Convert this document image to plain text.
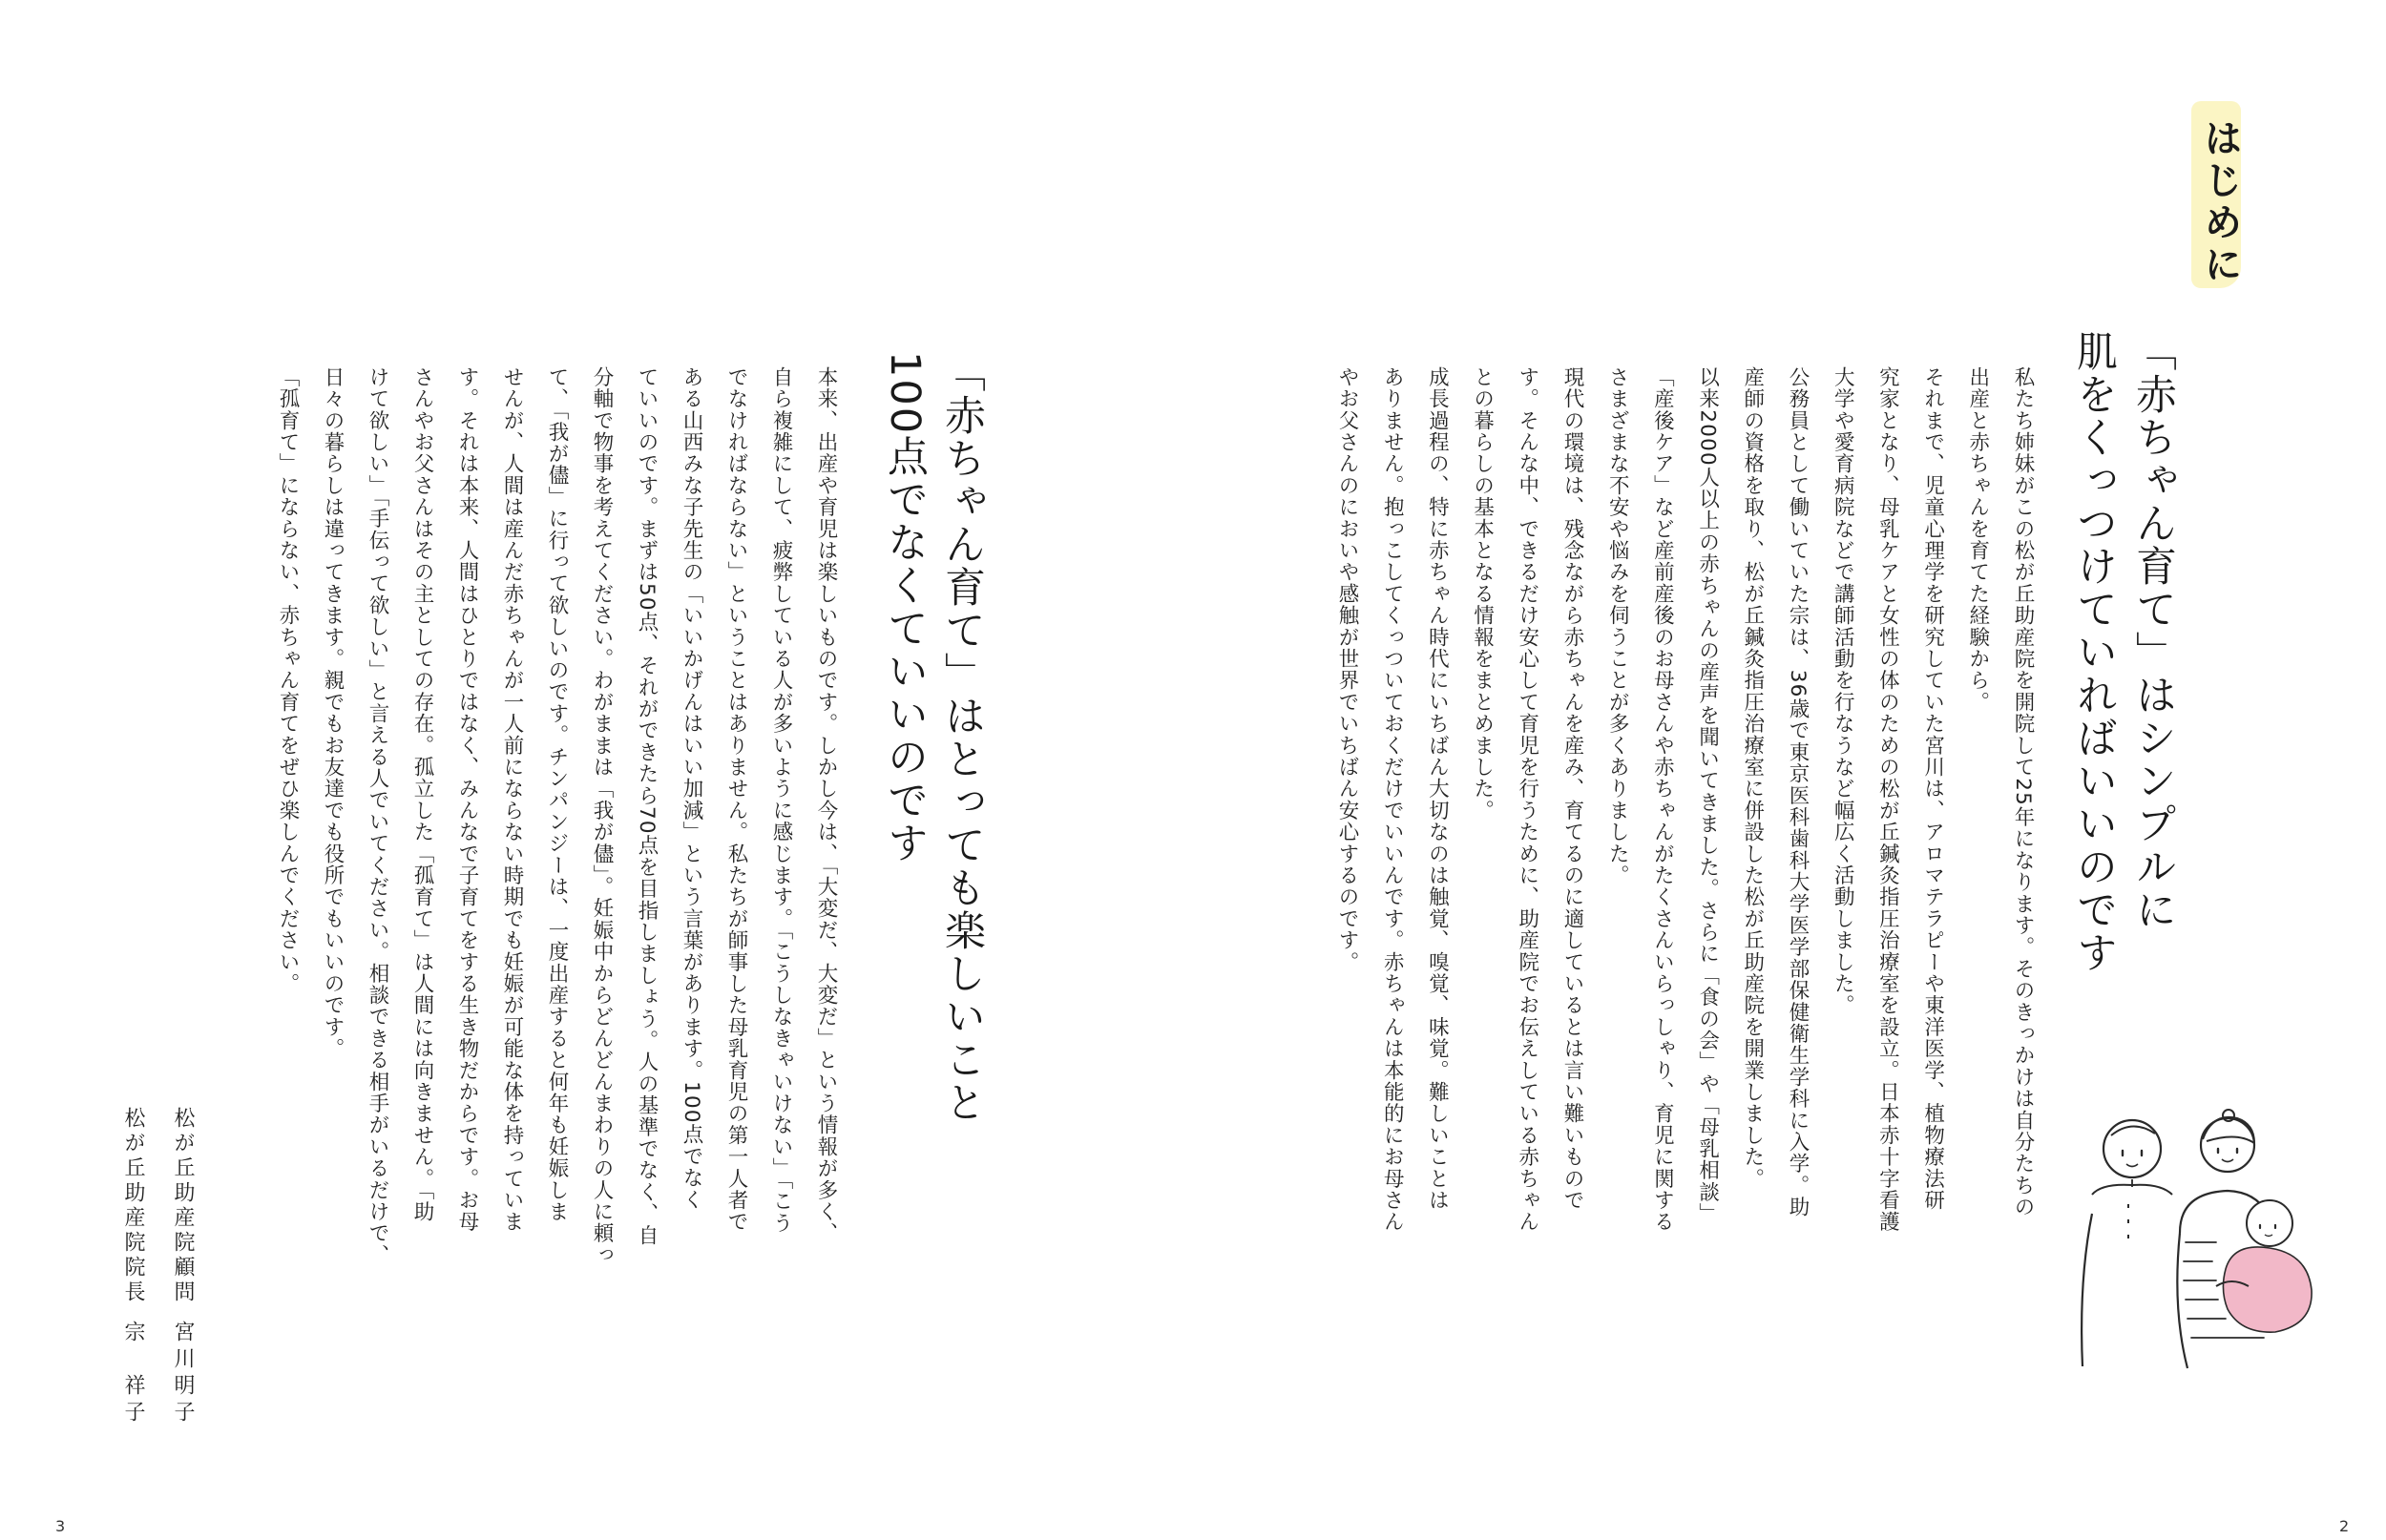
はじめに
「赤ちゃん育て」はシンプルに
肌をくっつけていればいいのです
私たち姉妹がこの松が丘助産院を開院して25年になります。そのきっかけは自分たちの
出産と赤ちゃんを育てた経験から。
それまで、児童心理学を研究していた宮川は、アロマテラピーや東洋医学、植物療法研
究家となり、母乳ケアと女性の体のための松が丘鍼灸指圧治療室を設立。日本赤十字看護
大学や愛育病院などで講師活動を行なうなど幅広く活動しました。
公務員として働いていた宗は、36歳で東京医科歯科大学医学部保健衛生学科に入学。助
産師の資格を取り、松が丘鍼灸指圧治療室に併設した松が丘助産院を開業しました。
以来2000人以上の赤ちゃんの産声を聞いてきました。さらに「食の会」や「母乳相談」
「産後ケア」など産前産後のお母さんや赤ちゃんがたくさんいらっしゃり、育児に関する
さまざまな不安や悩みを伺うことが多くありました。
現代の環境は、残念ながら赤ちゃんを産み、育てるのに適しているとは言い難いもので
す。そんな中、できるだけ安心して育児を行うために、助産院でお伝えしている赤ちゃん
との暮らしの基本となる情報をまとめました。
成長過程の、特に赤ちゃん時代にいちばん大切なのは触覚、嗅覚、味覚。難しいことは
ありません。抱っこしてくっついておくだけでいいんです。赤ちゃんは本能的にお母さん
やお父さんのにおいや感触が世界でいちばん安心するのです。
2
「赤ちゃん育て」はとっても楽しいこと
100点でなくていいのです
本来、出産や育児は楽しいものです。しかし今は、「大変だ、大変だ」という情報が多く、
自ら複雑にして、疲弊している人が多いように感じます。「こうしなきゃいけない」「こう
でなければならない」ということはありません。私たちが師事した母乳育児の第一人者で
ある山西みな子先生の「いいかげんはいい加減」という言葉があります。100点でなく
ていいのです。まずは50点、それができたら70点を目指しましょう。人の基準でなく、自
分軸で物事を考えてください。わがままは「我が儘」。妊娠中からどんどんまわりの人に頼っ
て、「我が儘」に行って欲しいのです。チンパンジーは、一度出産すると何年も妊娠しま
せんが、人間は産んだ赤ちゃんが一人前にならない時期でも妊娠が可能な体を持っていま
す。それは本来、人間はひとりではなく、みんなで子育てをする生き物だからです。お母
さんやお父さんはその主としての存在。孤立した「孤育て」は人間には向きません。「助
けて欲しい」「手伝って欲しい」と言える人でいてください。相談できる相手がいるだけで、
日々の暮らしは違ってきます。親でもお友達でも役所でもいいのです。
「孤育て」にならない、赤ちゃん育てをぜひ楽しんでください。
松が丘助産院顧問
宮川明子
松が丘助産院院長
宗　祥子
3
